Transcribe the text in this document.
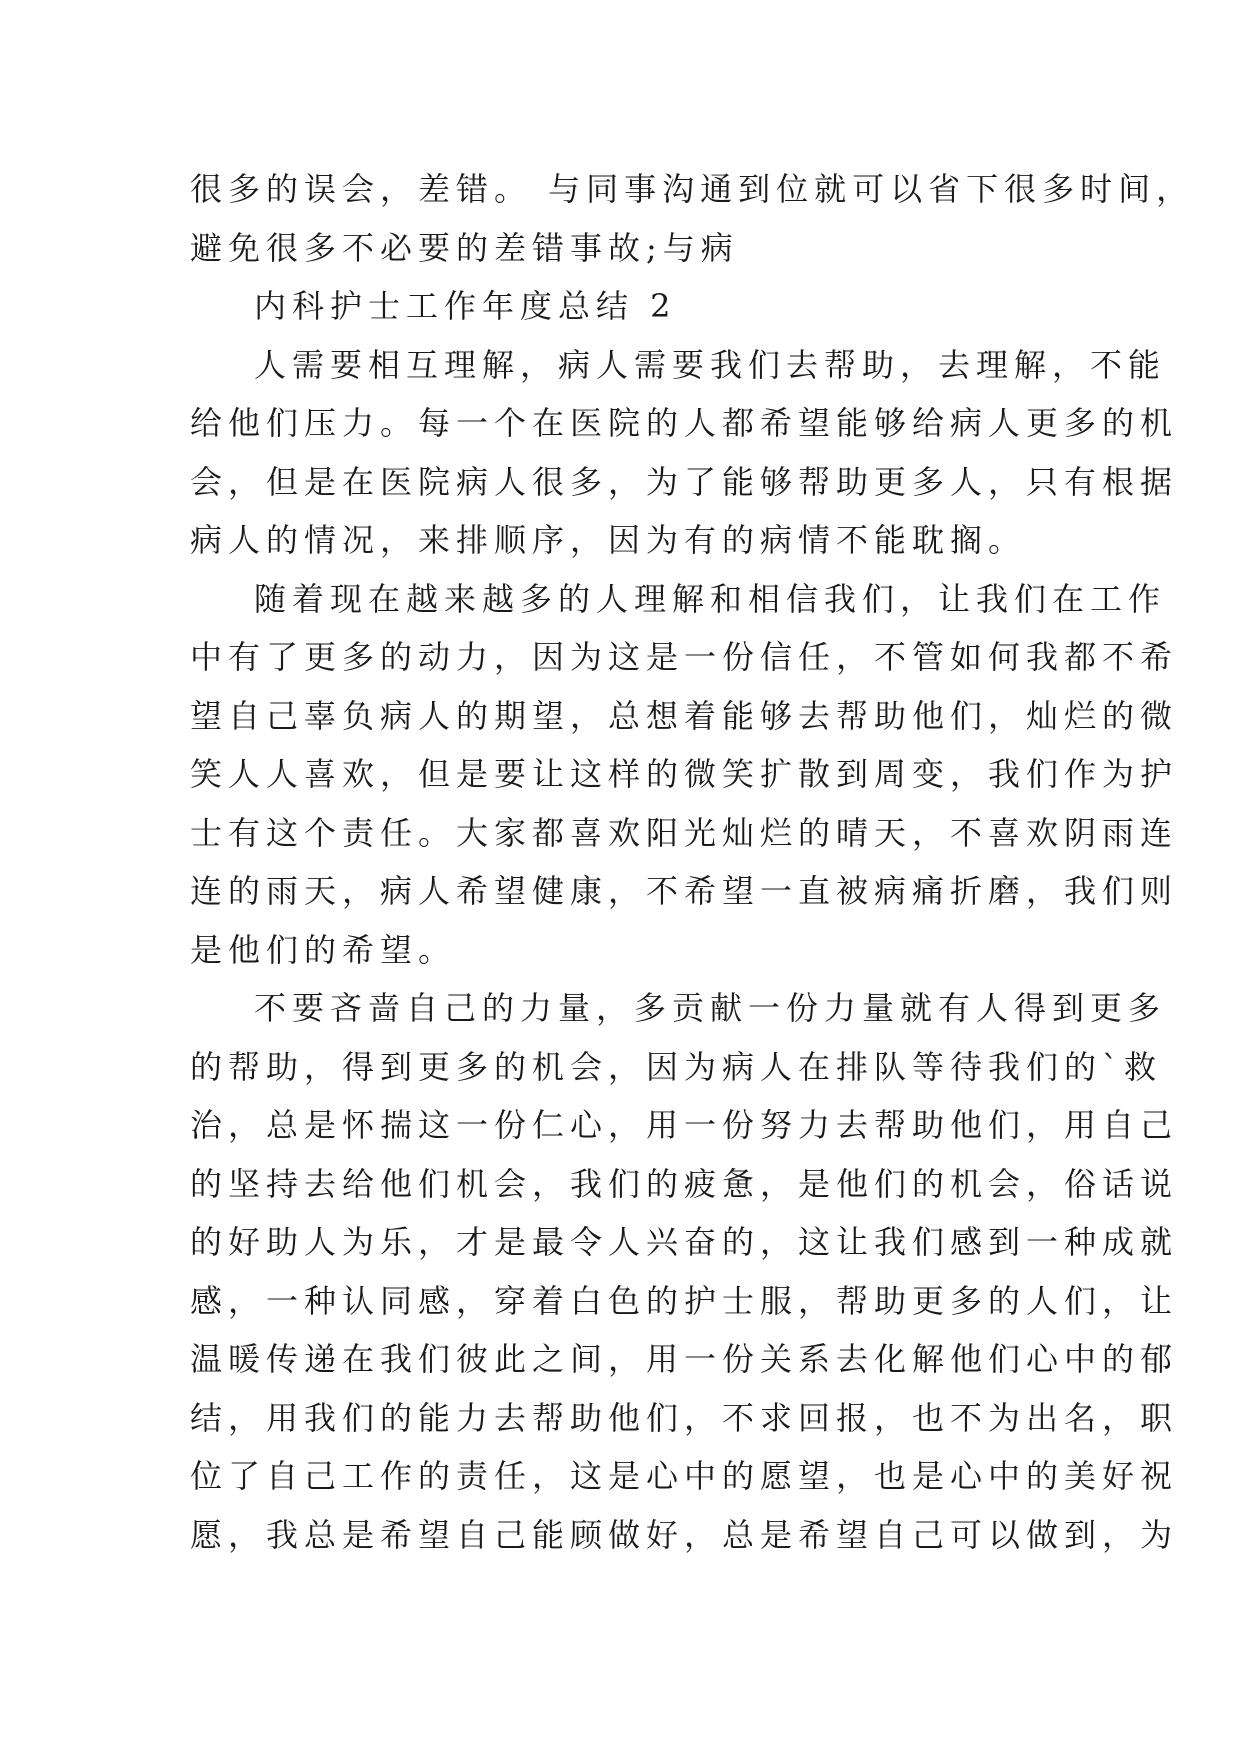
很多的误会，差错。 与同事沟通到位就可以省下很多时间，
避免很多不必要的差错事故;与病
内科护士工作年度总结 2
人需要相互理解，病人需要我们去帮助，去理解，不能
给他们压力。每一个在医院的人都希望能够给病人更多的机
会，但是在医院病人很多，为了能够帮助更多人，只有根据
病人的情况，来排顺序，因为有的病情不能耽搁。
随着现在越来越多的人理解和相信我们，让我们在工作
中有了更多的动力，因为这是一份信任，不管如何我都不希
望自己辜负病人的期望，总想着能够去帮助他们，灿烂的微
笑人人喜欢，但是要让这样的微笑扩散到周变，我们作为护
士有这个责任。大家都喜欢阳光灿烂的晴天，不喜欢阴雨连
连的雨天，病人希望健康，不希望一直被病痛折磨，我们则
是他们的希望。
不要吝啬自己的力量，多贡献一份力量就有人得到更多
的帮助，得到更多的机会，因为病人在排队等待我们的`救
治，总是怀揣这一份仁心，用一份努力去帮助他们，用自己
的坚持去给他们机会，我们的疲惫，是他们的机会，俗话说
的好助人为乐，才是最令人兴奋的，这让我们感到一种成就
感，一种认同感，穿着白色的护士服，帮助更多的人们，让
温暖传递在我们彼此之间，用一份关系去化解他们心中的郁
结，用我们的能力去帮助他们，不求回报，也不为出名，职
位了自己工作的责任，这是心中的愿望，也是心中的美好祝
愿，我总是希望自己能顾做好，总是希望自己可以做到，为
